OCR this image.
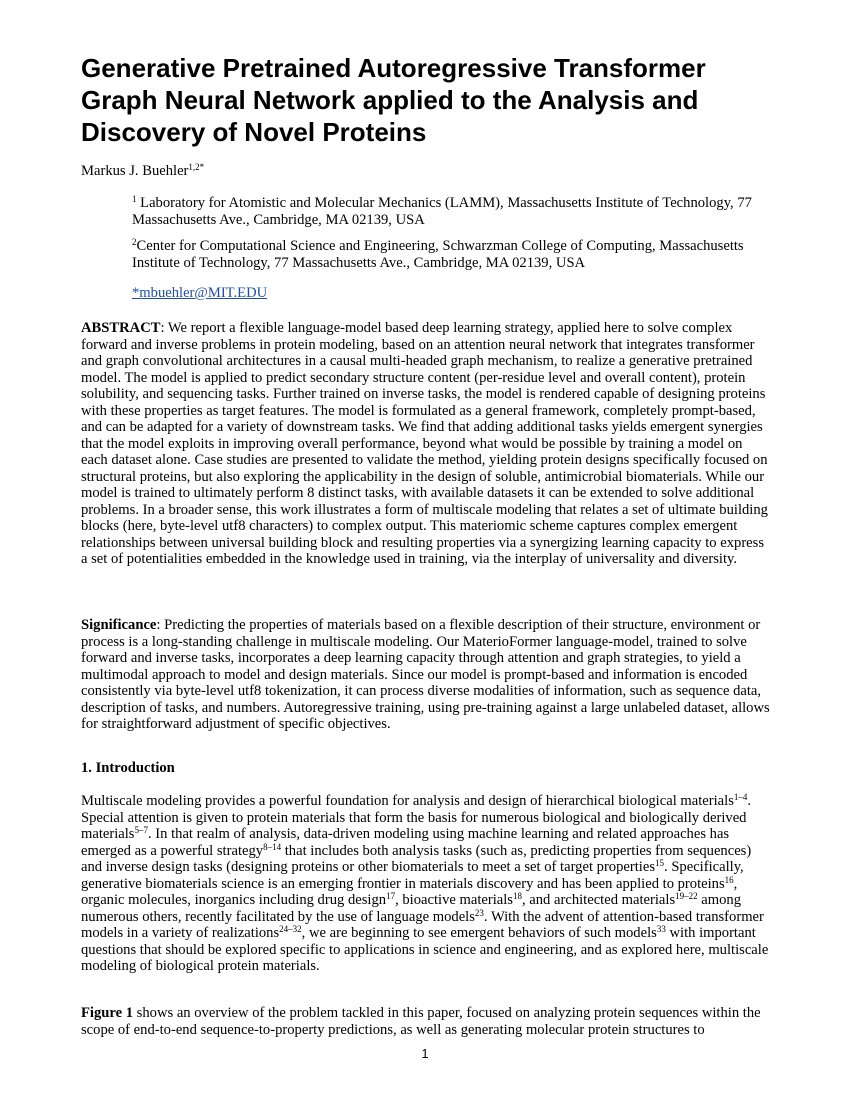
Generative Pretrained Autoregressive Transformer Graph Neural Network applied to the Analysis and Discovery of Novel Proteins
Markus J. Buehler$^{1,2*}$

$^1$ Laboratory for Atomistic and Molecular Mechanics (LAMM), Massachusetts Institute of Technology, 77 Massachusetts Ave., Cambridge, MA 02139, USA

$^2$Center for Computational Science and Engineering, Schwarzman College of Computing, Massachusetts Institute of Technology, 77 Massachusetts Ave., Cambridge, MA 02139, USA

*mbuehler@MIT.EDU

ABSTRACT: We report a flexible language-model based deep learning strategy, applied here to solve complex forward and inverse problems in protein modeling, based on an attention neural network that integrates transformer and graph convolutional architectures in a causal multi-headed graph mechanism, to realize a generative pretrained model. The model is applied to predict secondary structure content (per-residue level and overall content), protein solubility, and sequencing tasks. Further trained on inverse tasks, the model is rendered capable of designing proteins with these properties as target features. The model is formulated as a general framework, completely prompt-based, and can be adapted for a variety of downstream tasks. We find that adding additional tasks yields emergent synergies that the model exploits in improving overall performance, beyond what would be possible by training a model on each dataset alone. Case studies are presented to validate the method, yielding protein designs specifically focused on structural proteins, but also exploring the applicability in the design of soluble, antimicrobial biomaterials. While our model is trained to ultimately perform 8 distinct tasks, with available datasets it can be extended to solve additional problems. In a broader sense, this work illustrates a form of multiscale modeling that relates a set of ultimate building blocks (here, byte-level utf8 characters) to complex output. This materiomic scheme captures complex emergent relationships between universal building block and resulting properties via a synergizing learning capacity to express a set of potentialities embedded in the knowledge used in training, via the interplay of universality and diversity.

Significance: Predicting the properties of materials based on a flexible description of their structure, environment or process is a long-standing challenge in multiscale modeling. Our MaterioFormer language-model, trained to solve forward and inverse tasks, incorporates a deep learning capacity through attention and graph strategies, to yield a multimodal approach to model and design materials. Since our model is prompt-based and information is encoded consistently via byte-level utf8 tokenization, it can process diverse modalities of information, such as sequence data, description of tasks, and numbers. Autoregressive training, using pre-training against a large unlabeled dataset, allows for straightforward adjustment of specific objectives.

1. Introduction

Multiscale modeling provides a powerful foundation for analysis and design of hierarchical biological materials$^{1-4}$. Special attention is given to protein materials that form the basis for numerous biological and biologically derived materials$^{5-7}$. In that realm of analysis, data-driven modeling using machine learning and related approaches has emerged as a powerful strategy$^{8-14}$ that includes both analysis tasks (such as, predicting properties from sequences) and inverse design tasks (designing proteins or other biomaterials to meet a set of target properties$^{15}$. Specifically, generative biomaterials science is an emerging frontier in materials discovery and has been applied to proteins$^{16}$, organic molecules, inorganics including drug design$^{17}$, bioactive materials$^{18}$, and architected materials$^{19-22}$ among numerous others, recently facilitated by the use of language models$^{23}$. With the advent of attention-based transformer models in a variety of realizations$^{24-32}$, we are beginning to see emergent behaviors of such models$^{33}$ with important questions that should be explored specific to applications in science and engineering, and as explored here, multiscale modeling of biological protein materials.

Figure 1 shows an overview of the problem tackled in this paper, focused on analyzing protein sequences within the scope of end-to-end sequence-to-property predictions, as well as generating molecular protein structures to

1
